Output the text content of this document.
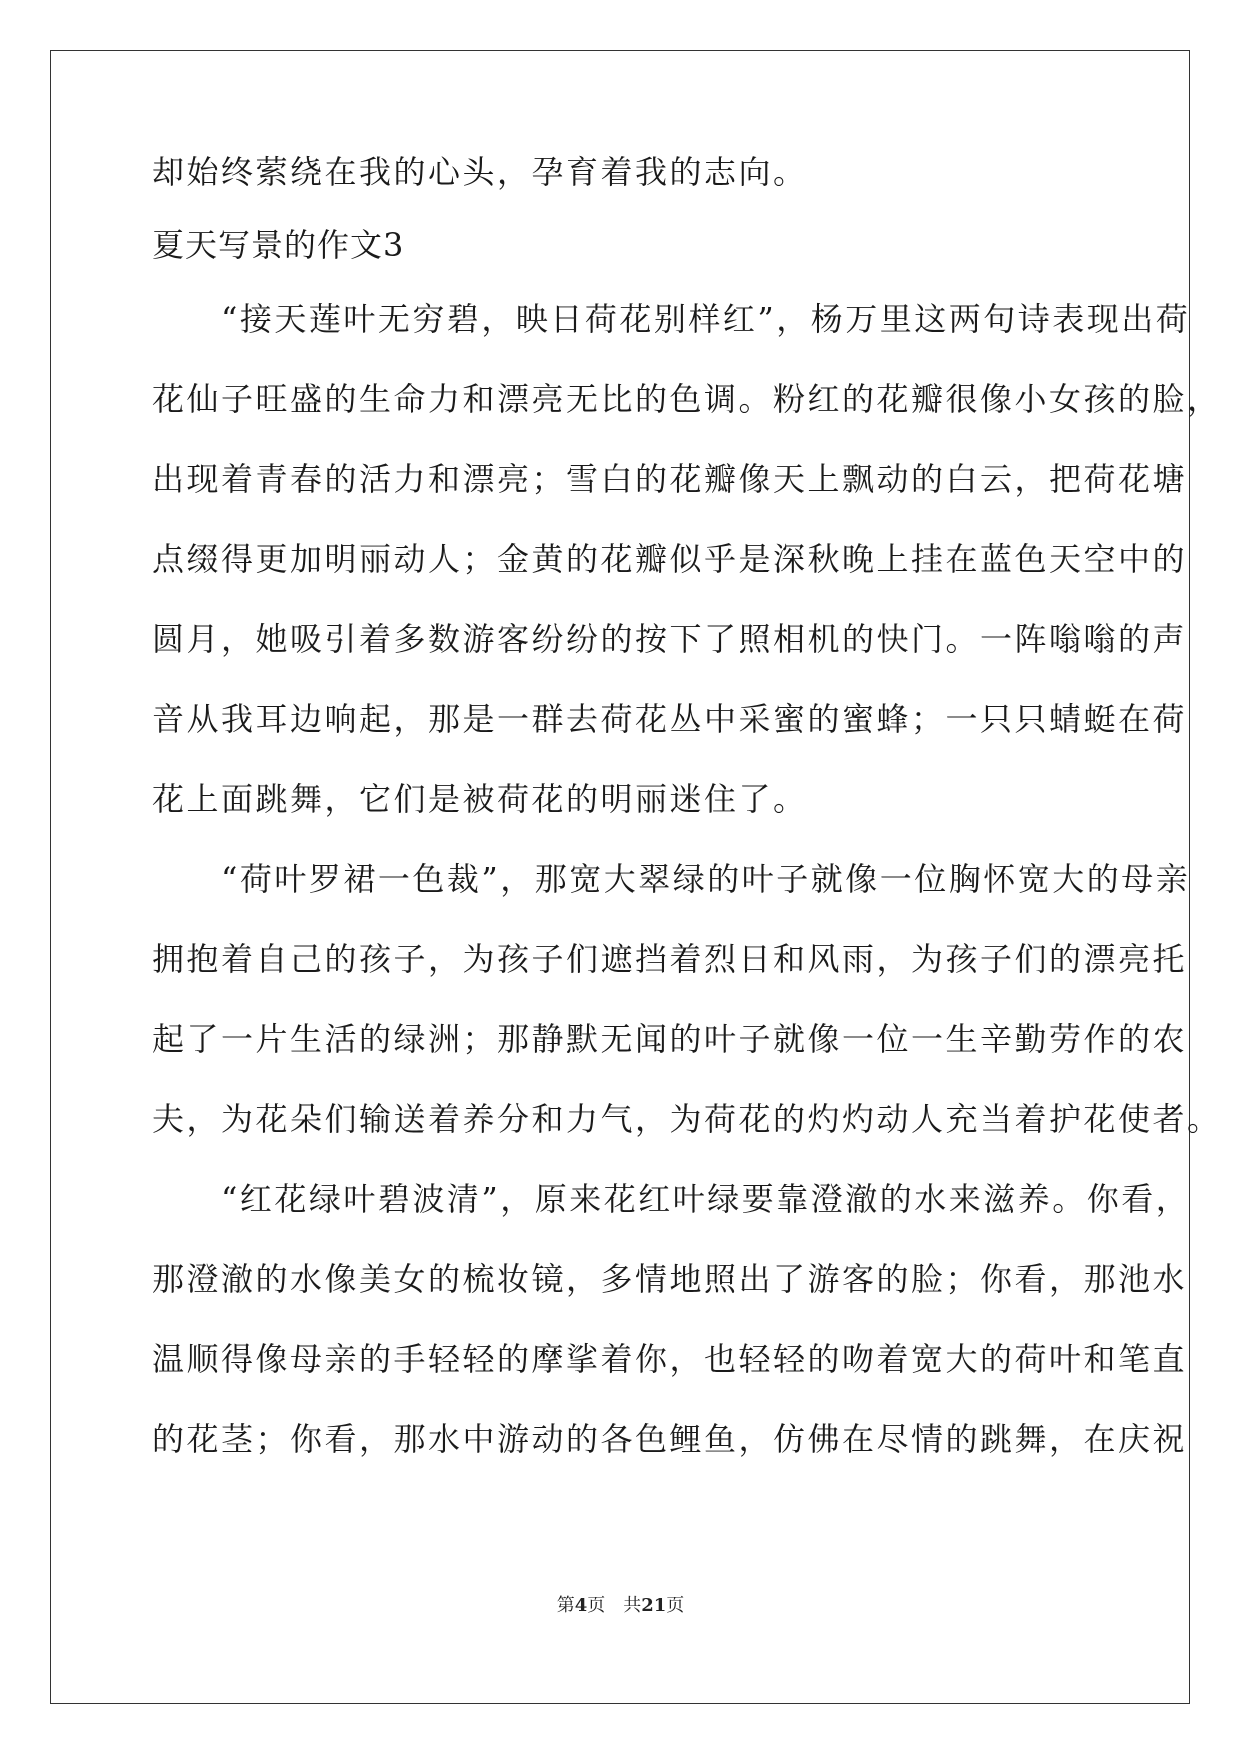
却始终萦绕在我的心头，孕育着我的志向。
夏天写景的作文3
　　“接天莲叶无穷碧，映日荷花别样红”，杨万里这两句诗表现出荷
花仙子旺盛的生命力和漂亮无比的色调。粉红的花瓣很像小女孩的脸，
出现着青春的活力和漂亮；雪白的花瓣像天上飘动的白云，把荷花塘
点缀得更加明丽动人；金黄的花瓣似乎是深秋晚上挂在蓝色天空中的
圆月，她吸引着多数游客纷纷的按下了照相机的快门。一阵嗡嗡的声
音从我耳边响起，那是一群去荷花丛中采蜜的蜜蜂；一只只蜻蜓在荷
花上面跳舞，它们是被荷花的明丽迷住了。
　　“荷叶罗裙一色裁”，那宽大翠绿的叶子就像一位胸怀宽大的母亲
拥抱着自己的孩子，为孩子们遮挡着烈日和风雨，为孩子们的漂亮托
起了一片生活的绿洲；那静默无闻的叶子就像一位一生辛勤劳作的农
夫，为花朵们输送着养分和力气，为荷花的灼灼动人充当着护花使者。
　　“红花绿叶碧波清”，原来花红叶绿要靠澄澈的水来滋养。你看，
那澄澈的水像美女的梳妆镜，多情地照出了游客的脸；你看，那池水
温顺得像母亲的手轻轻的摩挲着你，也轻轻的吻着宽大的荷叶和笔直
的花茎；你看，那水中游动的各色鲤鱼，仿佛在尽情的跳舞，在庆祝
第4页　共21页
